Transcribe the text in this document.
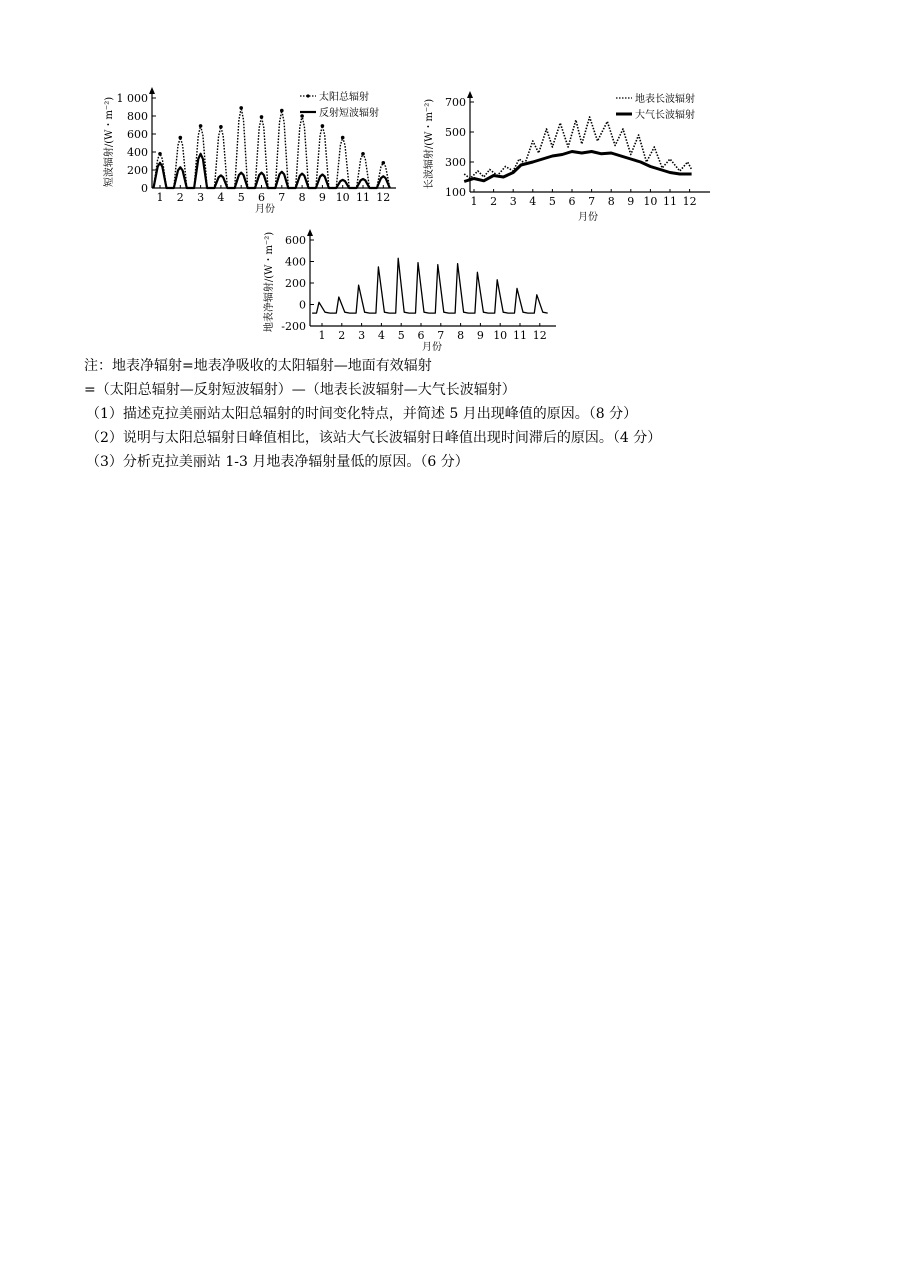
短波辐射/(W・m⁻²)
0
200
400
600
800
1 000
1 2 3 4 5 6 7 8 9 10 11 12
月份
太阳总辐射
反射短波辐射	长波辐射/(W・m⁻²)
100
300
500
700
1 2 3 4 5 6 7 8 9 10 11 12
月份
地表长波辐射
大气长波辐射
地表净辐射/(W・m⁻²) -200
0
200
400
600
1 2 3 4 5 6 7 8 9 10 11 12
月份
注：地表净辐射=地表净吸收的太阳辐射—地面有效辐射
=（太阳总辐射—反射短波辐射）—（地表长波辐射—大气长波辐射）
（1）描述克拉美丽站太阳总辐射的时间变化特点，并简述 5 月出现峰值的原因。（8 分）
（2）说明与太阳总辐射日峰值相比，该站大气长波辐射日峰值出现时间滞后的原因。（4 分）
（3）分析克拉美丽站 1-3 月地表净辐射量低的原因。（6 分）
